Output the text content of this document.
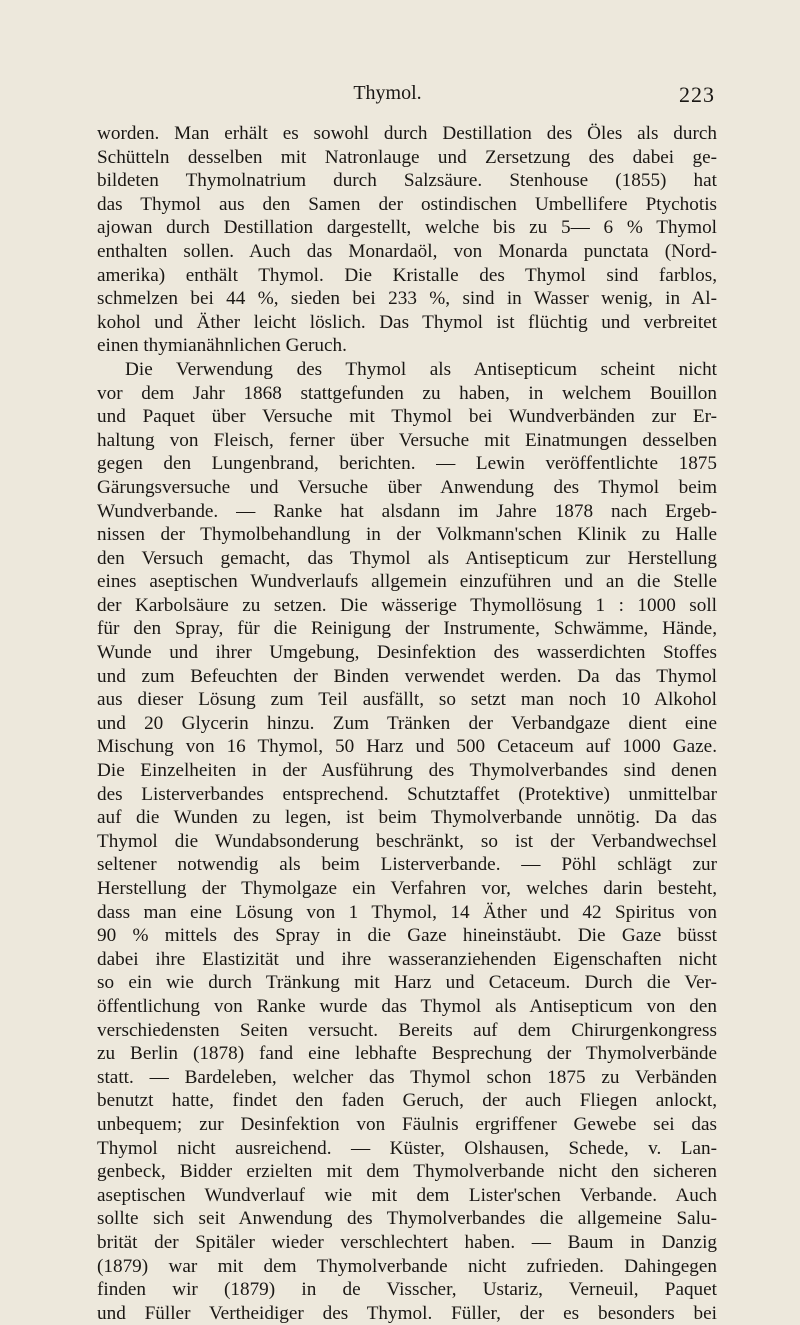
Thymol.	223
worden. Man erhält es sowohl durch Destillation des Öles als durch
Schütteln desselben mit Natronlauge und Zersetzung des dabei ge-
bildeten Thymolnatrium durch Salzsäure. Stenhouse (1855) hat
das Thymol aus den Samen der ostindischen Umbellifere Ptychotis
ajowan durch Destillation dargestellt, welche bis zu 5— 6 % Thymol
enthalten sollen. Auch das Monardaöl, von Monarda punctata (Nord-
amerika) enthält Thymol. Die Kristalle des Thymol sind farblos,
schmelzen bei 44 %, sieden bei 233 %, sind in Wasser wenig, in Al-
kohol und Äther leicht löslich. Das Thymol ist flüchtig und verbreitet
einen thymianähnlichen Geruch.
Die Verwendung des Thymol als Antisepticum scheint nicht
vor dem Jahr 1868 stattgefunden zu haben, in welchem Bouillon
und Paquet über Versuche mit Thymol bei Wundverbänden zur Er-
haltung von Fleisch, ferner über Versuche mit Einatmungen desselben
gegen den Lungenbrand, berichten. — Lewin veröffentlichte 1875
Gärungsversuche und Versuche über Anwendung des Thymol beim
Wundverbande. — Ranke hat alsdann im Jahre 1878 nach Ergeb-
nissen der Thymolbehandlung in der Volkmann'schen Klinik zu Halle
den Versuch gemacht, das Thymol als Antisepticum zur Herstellung
eines aseptischen Wundverlaufs allgemein einzuführen und an die Stelle
der Karbolsäure zu setzen. Die wässerige Thymollösung 1 : 1000 soll
für den Spray, für die Reinigung der Instrumente, Schwämme, Hände,
Wunde und ihrer Umgebung, Desinfektion des wasserdichten Stoffes
und zum Befeuchten der Binden verwendet werden. Da das Thymol
aus dieser Lösung zum Teil ausfällt, so setzt man noch 10 Alkohol
und 20 Glycerin hinzu. Zum Tränken der Verbandgaze dient eine
Mischung von 16 Thymol, 50 Harz und 500 Cetaceum auf 1000 Gaze.
Die Einzelheiten in der Ausführung des Thymolverbandes sind denen
des Listerverbandes entsprechend. Schutztaffet (Protektive) unmittelbar
auf die Wunden zu legen, ist beim Thymolverbande unnötig. Da das
Thymol die Wundabsonderung beschränkt, so ist der Verbandwechsel
seltener notwendig als beim Listerverbande. — Pöhl schlägt zur
Herstellung der Thymolgaze ein Verfahren vor, welches darin besteht,
dass man eine Lösung von 1 Thymol, 14 Äther und 42 Spiritus von
90 % mittels des Spray in die Gaze hineinstäubt. Die Gaze büsst
dabei ihre Elastizität und ihre wasseranziehenden Eigenschaften nicht
so ein wie durch Tränkung mit Harz und Cetaceum. Durch die Ver-
öffentlichung von Ranke wurde das Thymol als Antisepticum von den
verschiedensten Seiten versucht. Bereits auf dem Chirurgenkongress
zu Berlin (1878) fand eine lebhafte Besprechung der Thymolverbände
statt. — Bardeleben, welcher das Thymol schon 1875 zu Verbänden
benutzt hatte, findet den faden Geruch, der auch Fliegen anlockt,
unbequem; zur Desinfektion von Fäulnis ergriffener Gewebe sei das
Thymol nicht ausreichend. — Küster, Olshausen, Schede, v. Lan-
genbeck, Bidder erzielten mit dem Thymolverbande nicht den sicheren
aseptischen Wundverlauf wie mit dem Lister'schen Verbande. Auch
sollte sich seit Anwendung des Thymolverbandes die allgemeine Salu-
brität der Spitäler wieder verschlechtert haben. — Baum in Danzig
(1879) war mit dem Thymolverbande nicht zufrieden. Dahingegen
finden wir (1879) in de Visscher, Ustariz, Verneuil, Paquet
und Füller Vertheidiger des Thymol. Füller, der es besonders bei
